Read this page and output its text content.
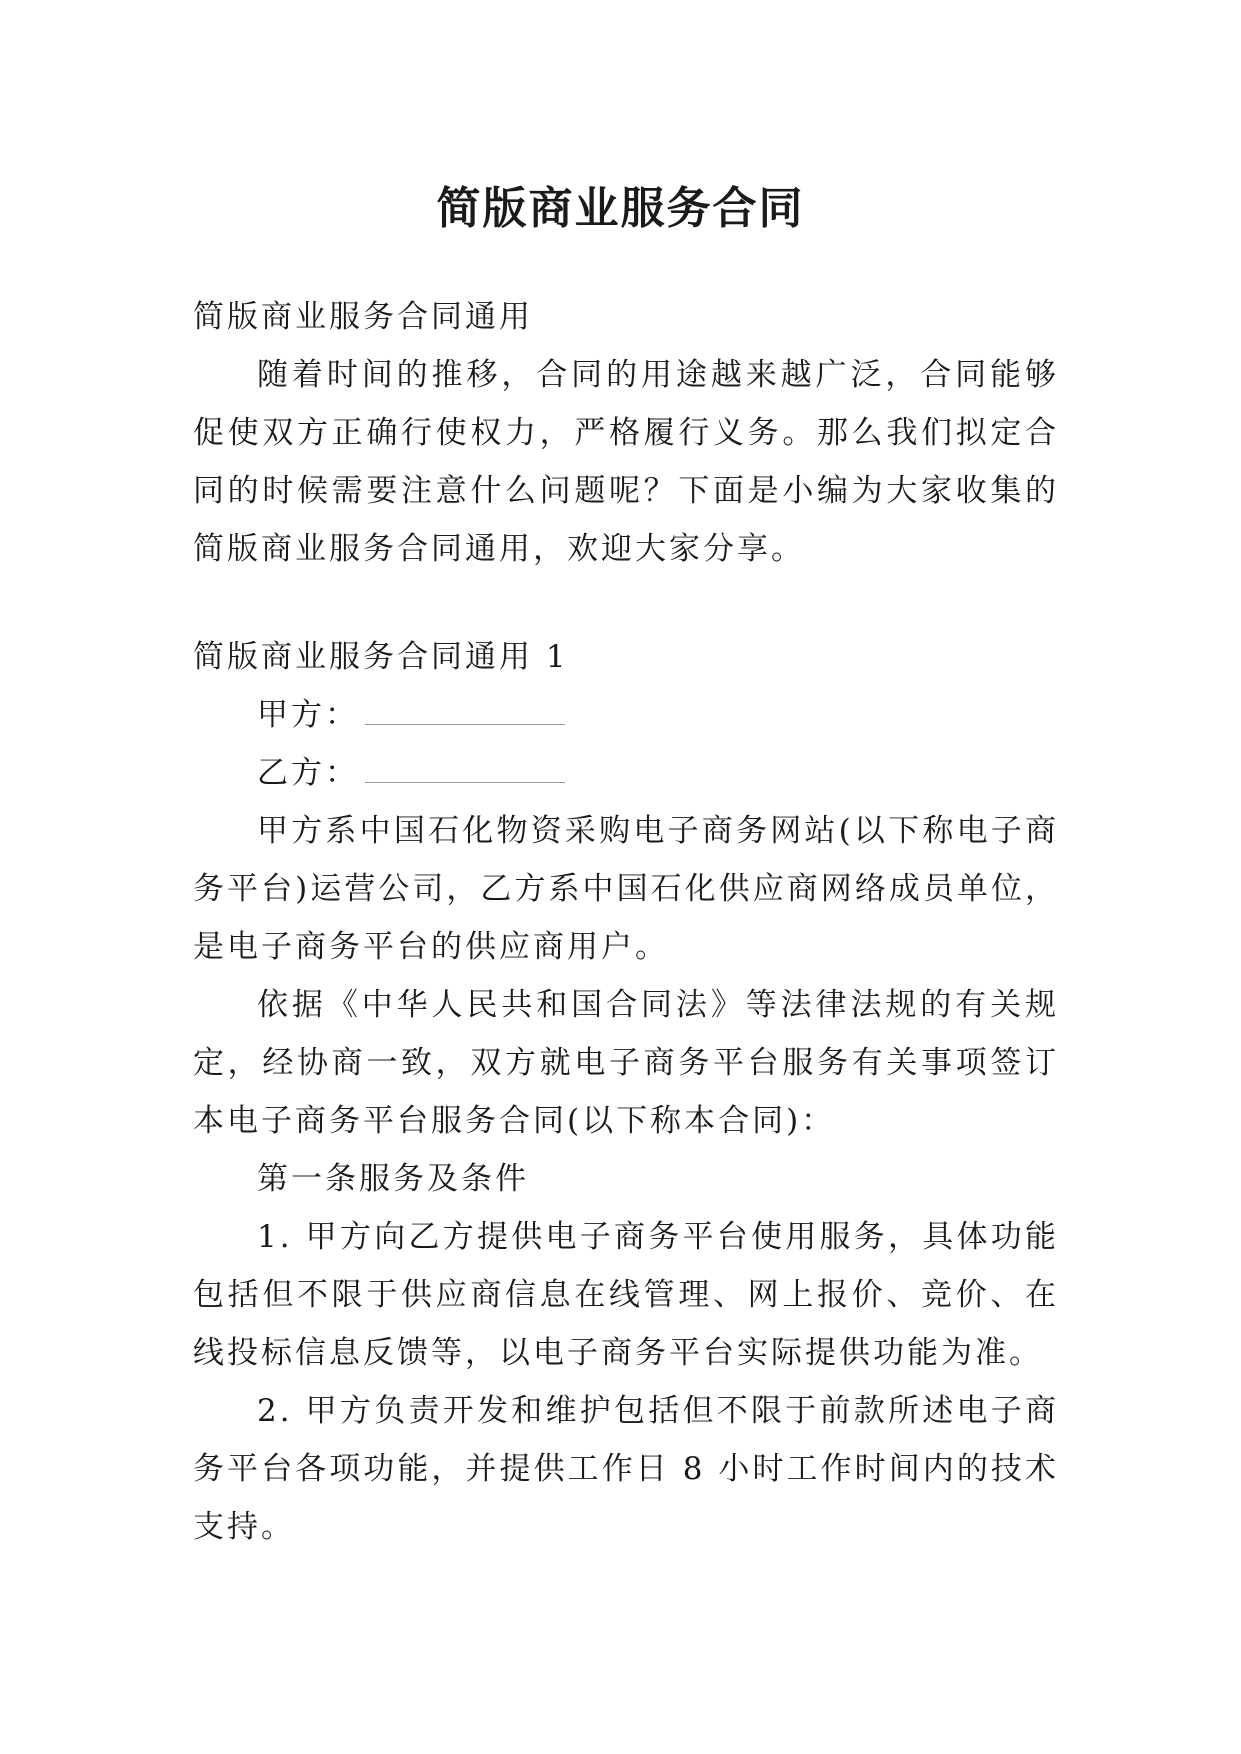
简版商业服务合同

简版商业服务合同通用

随着时间的推移，合同的用途越来越广泛，合同能够促使双方正确行使权力，严格履行义务。那么我们拟定合同的时候需要注意什么问题呢？下面是小编为大家收集的简版商业服务合同通用，欢迎大家分享。

简版商业服务合同通用 1

甲方：

乙方：

甲方系中国石化物资采购电子商务网站(以下称电子商务平台)运营公司，乙方系中国石化供应商网络成员单位，是电子商务平台的供应商用户。

依据《中华人民共和国合同法》等法律法规的有关规定，经协商一致，双方就电子商务平台服务有关事项签订本电子商务平台服务合同(以下称本合同)：

第一条服务及条件

1. 甲方向乙方提供电子商务平台使用服务，具体功能包括但不限于供应商信息在线管理、网上报价、竞价、在线投标信息反馈等，以电子商务平台实际提供功能为准。

2. 甲方负责开发和维护包括但不限于前款所述电子商务平台各项功能，并提供工作日 8 小时工作时间内的技术支持。
